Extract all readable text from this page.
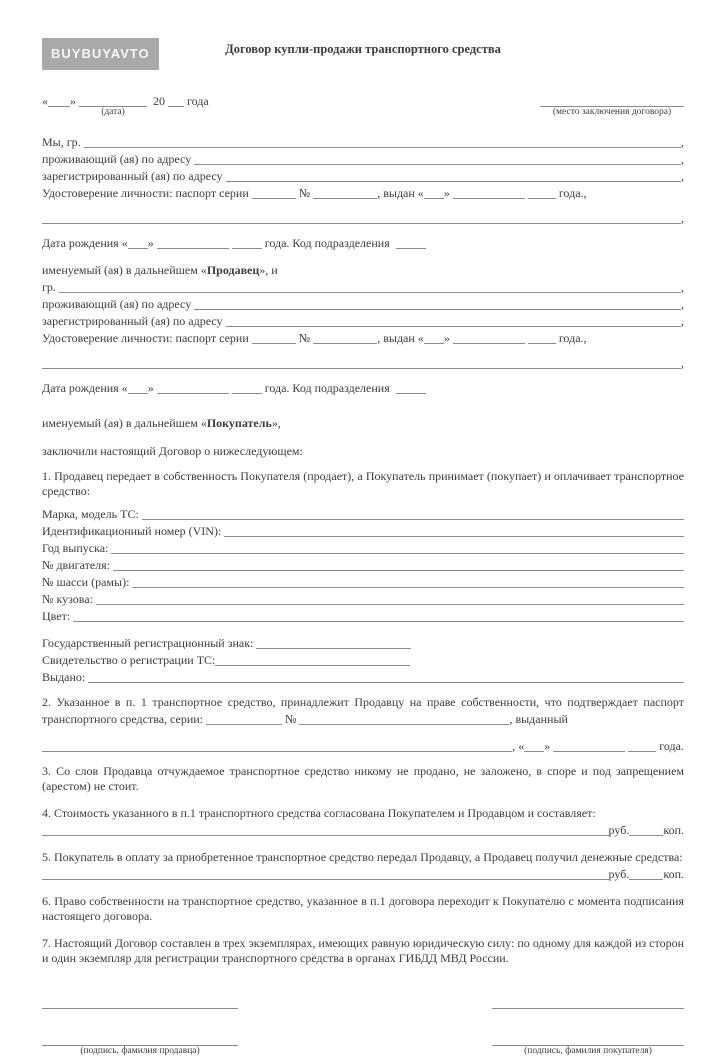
BUYBUYAVTO	Договор купли-продажи транспортного средства
« »
(дата)
20 года
(место заключения договора)
Мы, гр.	,
проживающий (ая) по адресу	,
зарегистрированный (ая) по адресу	,
Удостоверение личности: паспорт серии	№	, выдан « »
	года.,
,
Дата рождения « »
	года. Код подразделения
именуемый (ая) в дальнейшем « Продавец », и
гр.	,
проживающий (ая) по адресу	,
зарегистрированный (ая) по адресу	,
Удостоверение личности: паспорт серии	№	, выдан « »
	года.,
,
Дата рождения « »
	года. Код подразделения
именуемый (ая) в дальнейшем « Покупатель »,
заключили настоящий Договор о нижеследующем:
1. Продавец передает в собственность Покупателя (продает), а Покупатель принимает (покупает) и оплачивает транспортное средство:
Марка, модель ТС:
Идентификационный номер (VIN):
Год выпуска:
№ двигателя:
№ шасси (рамы):
№ кузова:
Цвет:
Государственный регистрационный знак:
Свидетельство о регистрации ТС:
Выдано:
2. Указанное в п. 1 транспортное средство, принадлежит Продавцу на праве собственности, что подтверждает паспорт транспортного средства, серии:	№	, выданный
, « »
	года.
3. Со слов Продавца отчуждаемое транспортное средство никому не продано, не заложено, в споре и под запрещением (арестом) не стоит.
4. Стоимость указанного в п.1 транспортного средства согласована Покупателем и Продавцом и составляет:
руб.	коп.
5. Покупатель в оплату за приобретенное транспортное средство передал Продавцу, а Продавец получил денежные средства:
руб.	коп.
6. Право собственности на транспортное средство, указанное в п.1 договора переходит к Покупателю с момента подписания настоящего договора.
7. Настоящий Договор составлен в трех экземплярах, имеющих равную юридическую силу: по одному для каждой из сторон и один экземпляр для регистрации транспортного средства в органах ГИБДД МВД России.
(подпись, фамилия продавца)	(подпись, фамилия покупателя)
